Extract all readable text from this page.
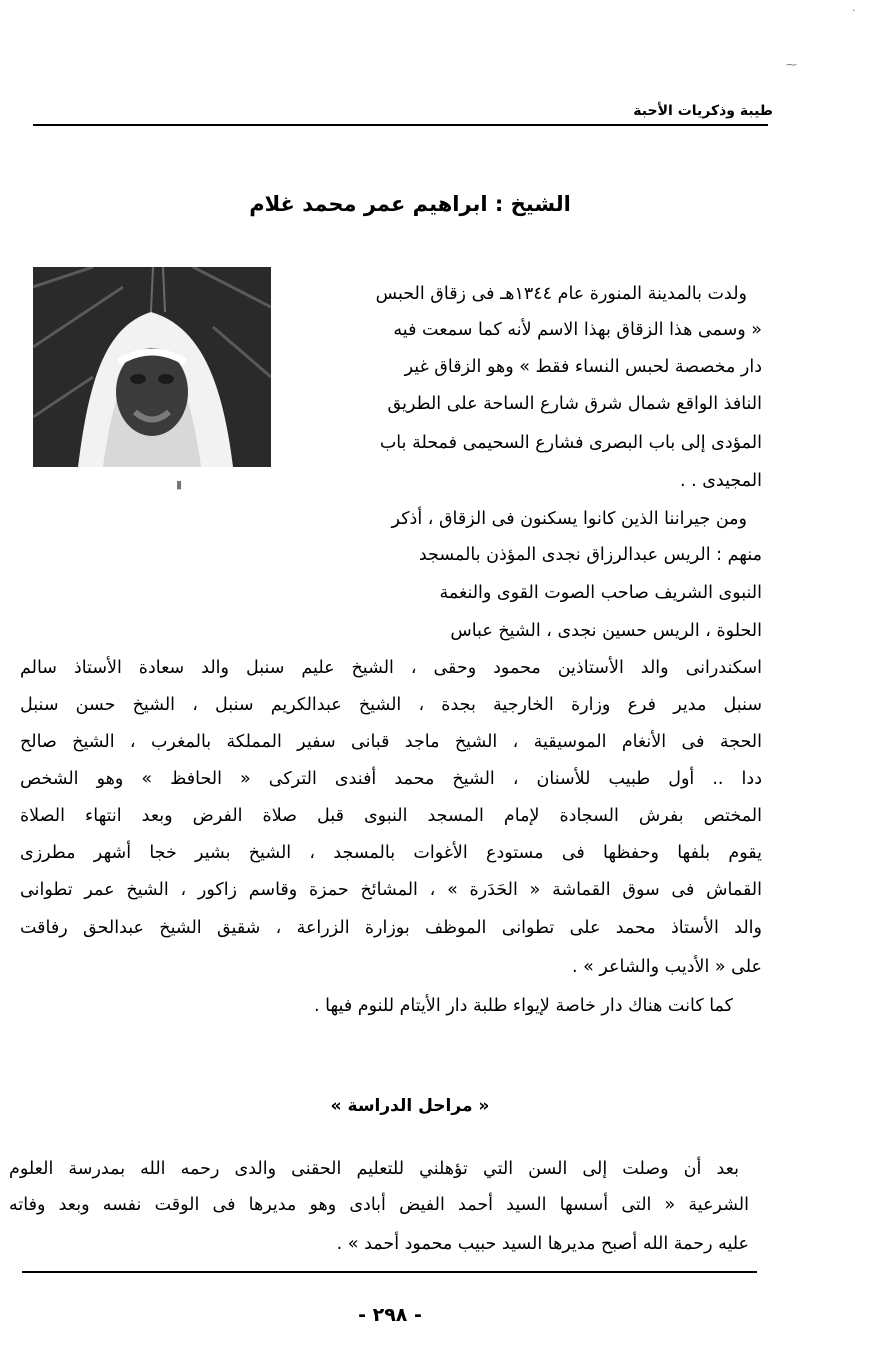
طيبة وذكريات الأحبة
الشيخ : ابراهيم عمر محمد غلام
▮
ولدت بالمدينة المنورة عام ١٣٤٤هـ فى زقاق الحبس
« وسمى هذا الزقاق بهذا الاسم لأنه كما سمعت فيه
دار مخصصة لحبس النساء فقط » وهو الزقاق غير
النافذ الواقع شمال شرق شارع الساحة على الطريق
المؤدى إلى باب البصرى فشارع السحيمى فمحلة باب
المجيدى . .
ومن جيراننا الذين كانوا يسكنون فى الزقاق ، أذكر
منهم : الريس عبدالرزاق نجدى المؤذن بالمسجد
النبوى الشريف صاحب الصوت القوى والنغمة
الحلوة ، الريس حسين نجدى ، الشيخ عباس
اسكندرانى والد الأستاذين محمود وحقى ، الشيخ عليم سنبل والد سعادة الأستاذ سالم
سنبل مدير فرع وزارة الخارجية بجدة ، الشيخ عبدالكريم سنبل ، الشيخ حسن سنبل
الحجة فى الأنغام الموسيقية ، الشيخ ماجد قبانى سفير المملكة بالمغرب ، الشيخ صالح
ددا .. أول طبيب للأسنان ، الشيخ محمد أفندى التركى « الحافظ » وهو الشخص
المختص بفرش السجادة لإمام المسجد النبوى قبل صلاة الفرض وبعد انتهاء الصلاة
يقوم بلفها وحفظها فى مستودع الأغوات بالمسجد ، الشيخ بشير خجا أشهر مطرزى
القماش فى سوق القماشة « الحَدَرة » ، المشائخ حمزة وقاسم زاكور ، الشيخ عمر تطوانى
والد الأستاذ محمد على تطوانى الموظف بوزارة الزراعة ، شقيق الشيخ عبدالحق رفاقت
على « الأديب والشاعر » .
كما كانت هناك دار خاصة لإيواء طلبة دار الأيتام للنوم فيها .
« مراحل الدراسة »
بعد أن وصلت إلى السن التي تؤهلني للتعليم الحقنى والدى رحمه الله بمدرسة العلوم
الشرعية « التى أسسها السيد أحمد الفيض أبادى وهو مديرها فى الوقت نفسه وبعد وفاته
عليه رحمة الله أصبح مديرها السيد حبيب محمود أحمد » .
- ٢٩٨ -
·
⁓
